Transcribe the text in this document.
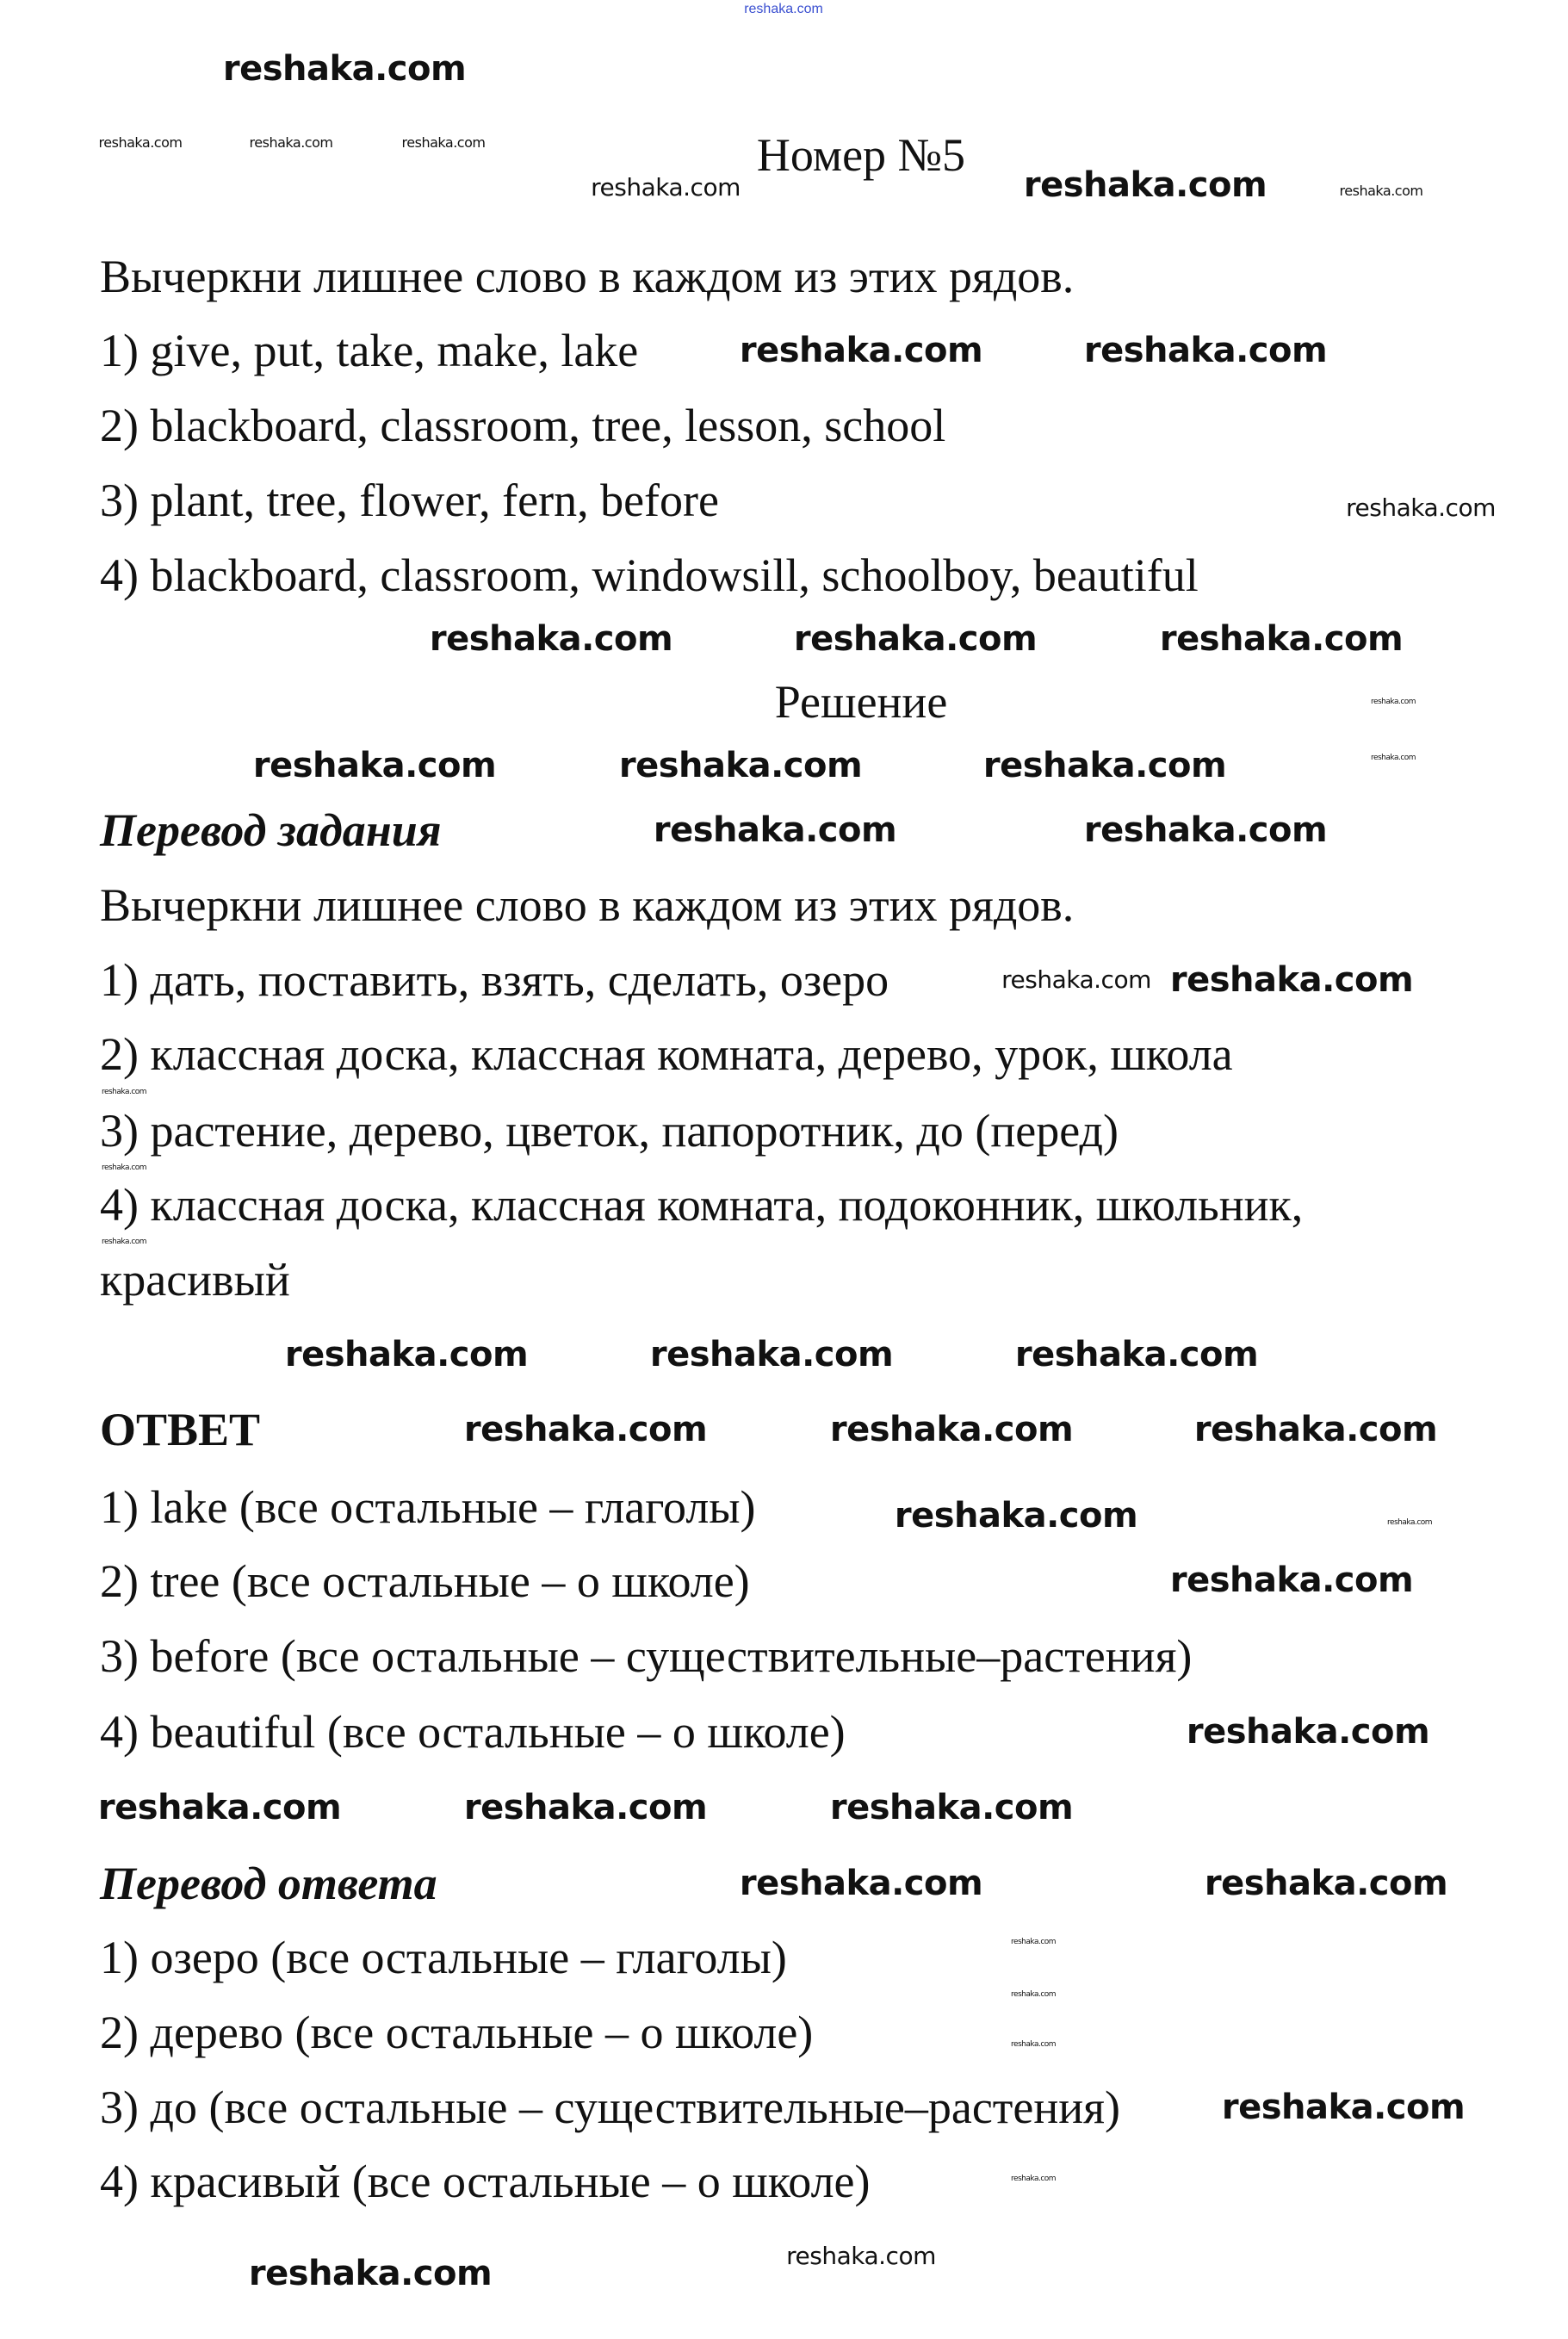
reshaka.com
Номер №5
Вычеркни лишнее слово в каждом из этих рядов.
1) give, put, take, make, lake
2) blackboard, classroom, tree, lesson, school
3) plant, tree, flower, fern, before
4) blackboard, classroom, windowsill, schoolboy, beautiful
Решение
Перевод задания
Вычеркни лишнее слово в каждом из этих рядов.
1) дать, поставить, взять, сделать, озеро
2) классная доска, классная комната, дерево, урок, школа
3) растение, дерево, цветок, папоротник, до (перед)
4) классная доска, классная комната, подоконник, школьник,
красивый
ОТВЕТ
1) lake (все остальные – глаголы)
2) tree (все остальные – о школе)
3) before (все остальные – существительные–растения)
4) beautiful (все остальные – о школе)
Перевод ответа
1) озеро (все остальные – глаголы)
2) дерево (все остальные – о школе)
3) до (все остальные – существительные–растения)
4) красивый (все остальные – о школе)
reshaka.com	reshaka.com	reshaka.com
reshaka.com
reshaka.com
reshaka.com
reshaka.com
reshaka.com
reshaka.com
reshaka.com
reshaka.com
reshaka.com
reshaka.com
reshaka.com
reshaka.com
reshaka.com
reshaka.com
reshaka.com
reshaka.com
reshaka.com
reshaka.com	reshaka.com
reshaka.com	reshaka.com	reshaka.com
reshaka.com	reshaka.com	reshaka.com
reshaka.com
reshaka.com	reshaka.com
reshaka.com	reshaka.com	reshaka.com
reshaka.com	reshaka.com	reshaka.com
reshaka.com
reshaka.com
reshaka.com
reshaka.com
reshaka.com	reshaka.com
reshaka.com
reshaka.com
reshaka.com
reshaka.com
